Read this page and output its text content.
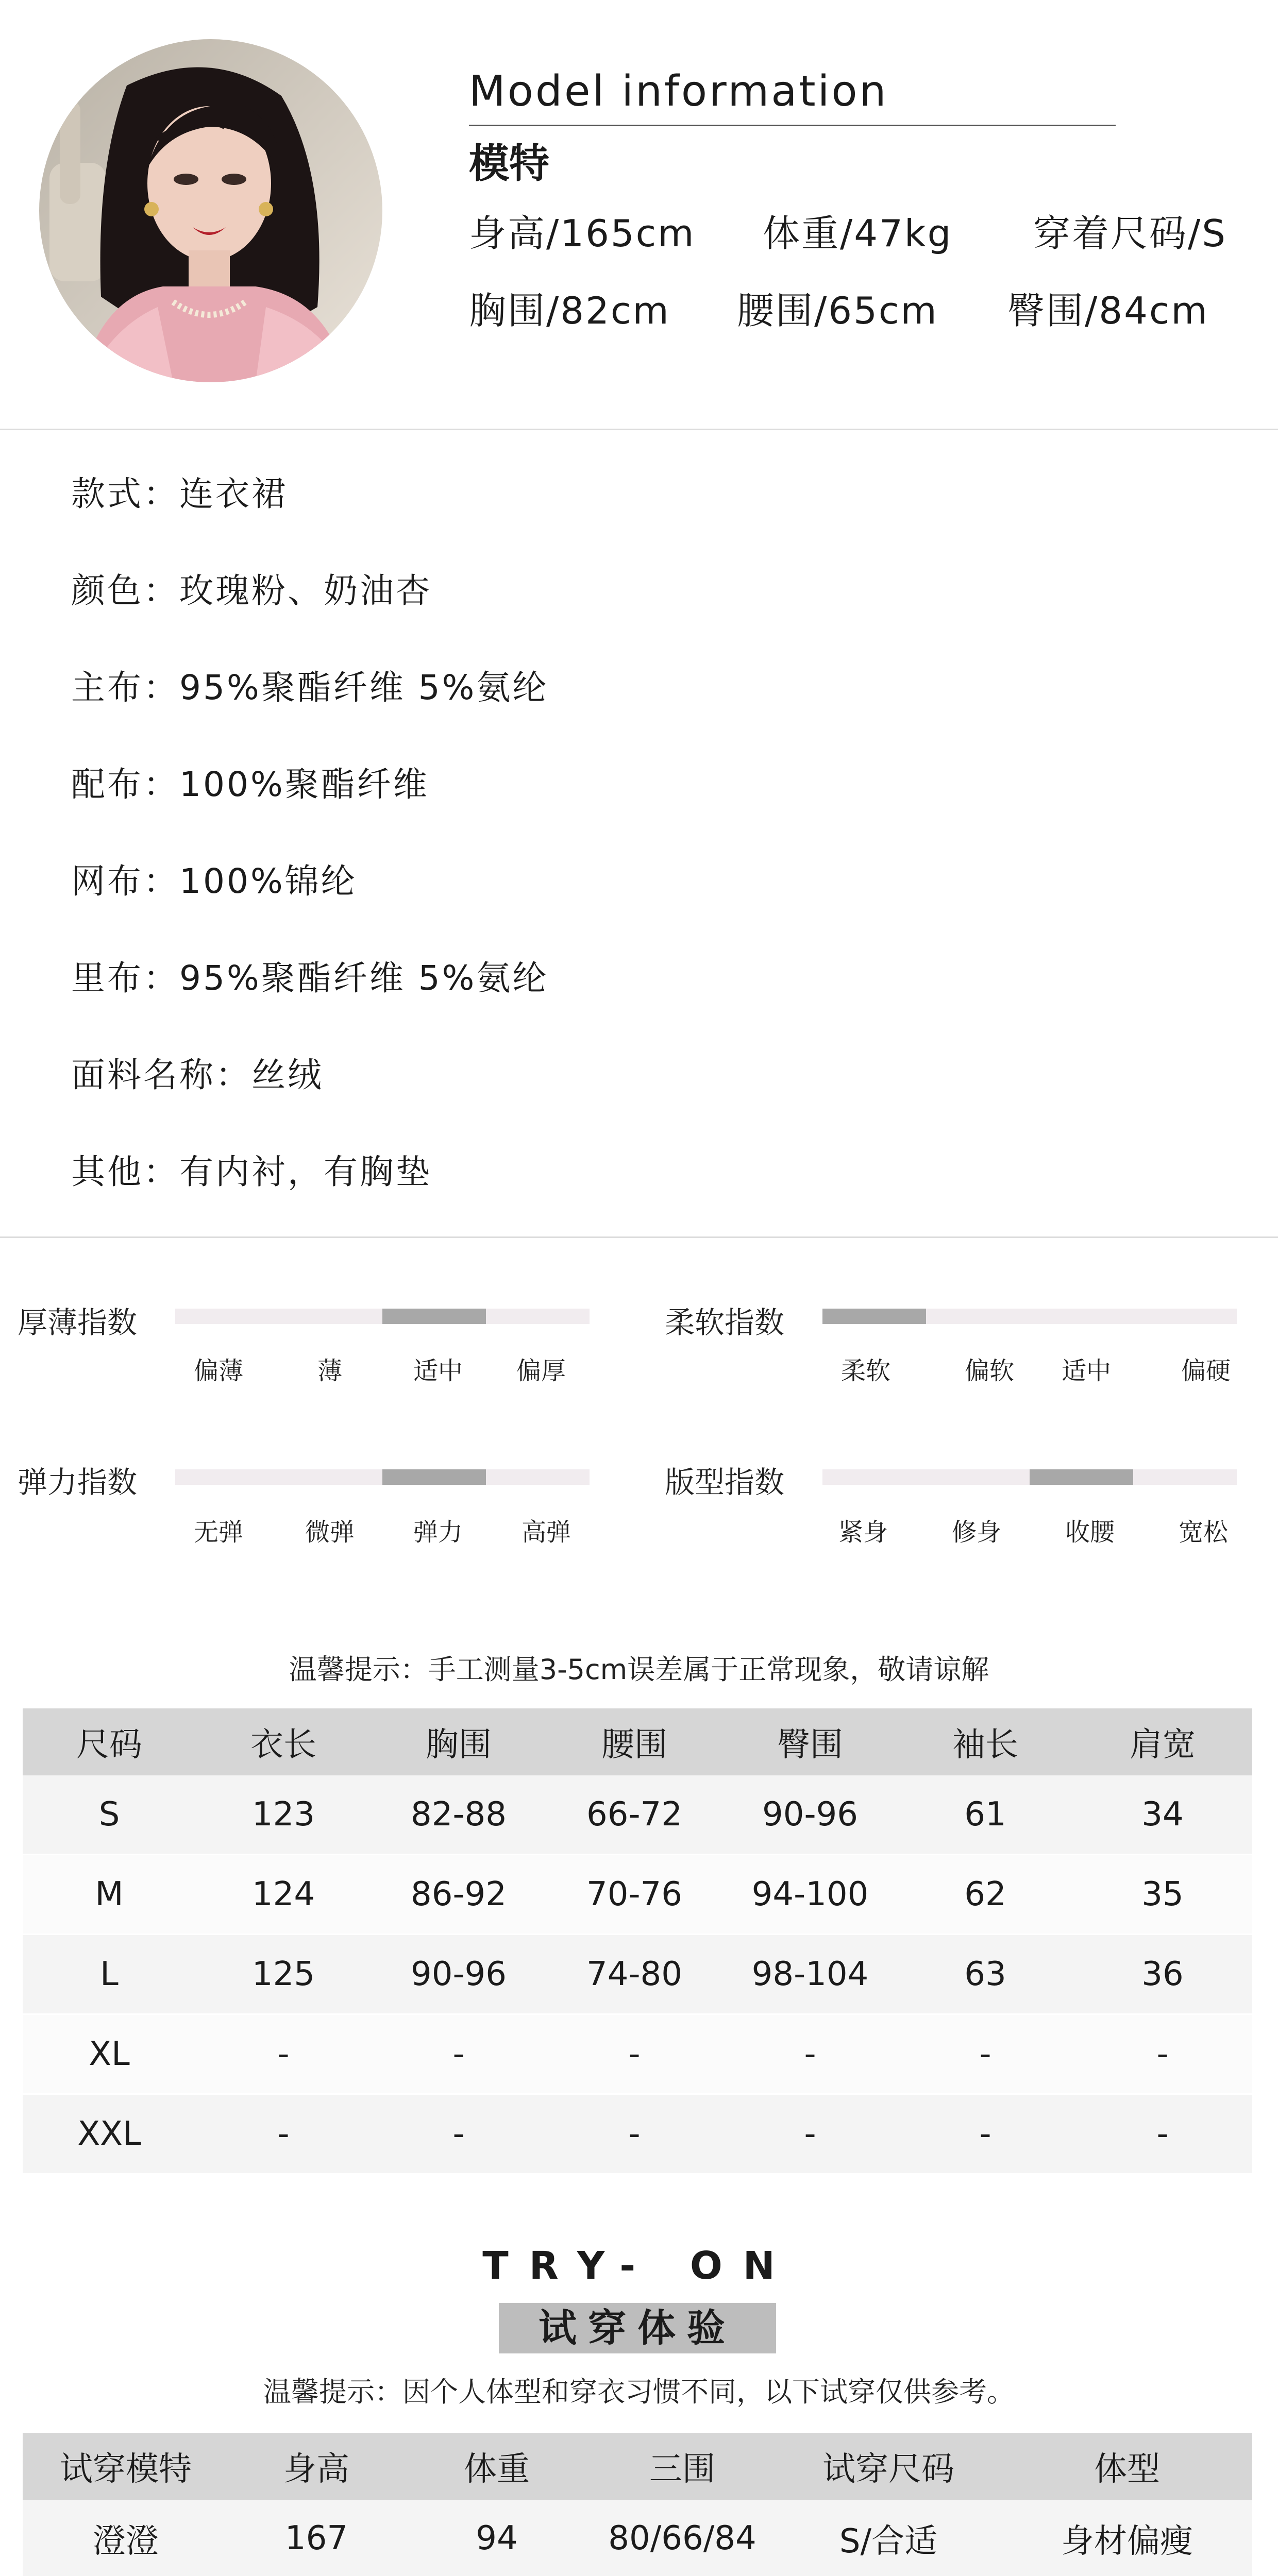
Model information
模特
身高/165cm 体重/47kg 穿着尺码/S
胸围/82cm 腰围/65cm 臀围/84cm
款式：连衣裙
颜色：玫瑰粉、奶油杏
主布：95%聚酯纤维 5%氨纶
配布：100%聚酯纤维
网布：100%锦纶
里布：95%聚酯纤维 5%氨纶
面料名称：丝绒
其他：有内衬，有胸垫
厚薄指数
偏薄	薄	适中	偏厚
柔软指数
柔软	偏软	适中	偏硬
弹力指数
无弹	微弹	弹力	高弹
版型指数
紧身	修身	收腰	宽松
温馨提示：手工测量3-5cm误差属于正常现象，敬请谅解
尺码	衣长	胸围	腰围	臀围	袖长	肩宽
S	123	82-88	66-72	90-96	61	34
M	124	86-92	70-76	94-100	62	35
L	125	90-96	74-80	98-104	63	36
XL	-	-	-	-	-	-
XXL	-	-	-	-	-	-
TRY- ON
试穿体验
温馨提示：因个人体型和穿衣习惯不同，以下试穿仅供参考。
试穿模特	身高	体重	三围	试穿尺码	体型
澄澄	167	94	80/66/84	S/合适	身材偏瘦
